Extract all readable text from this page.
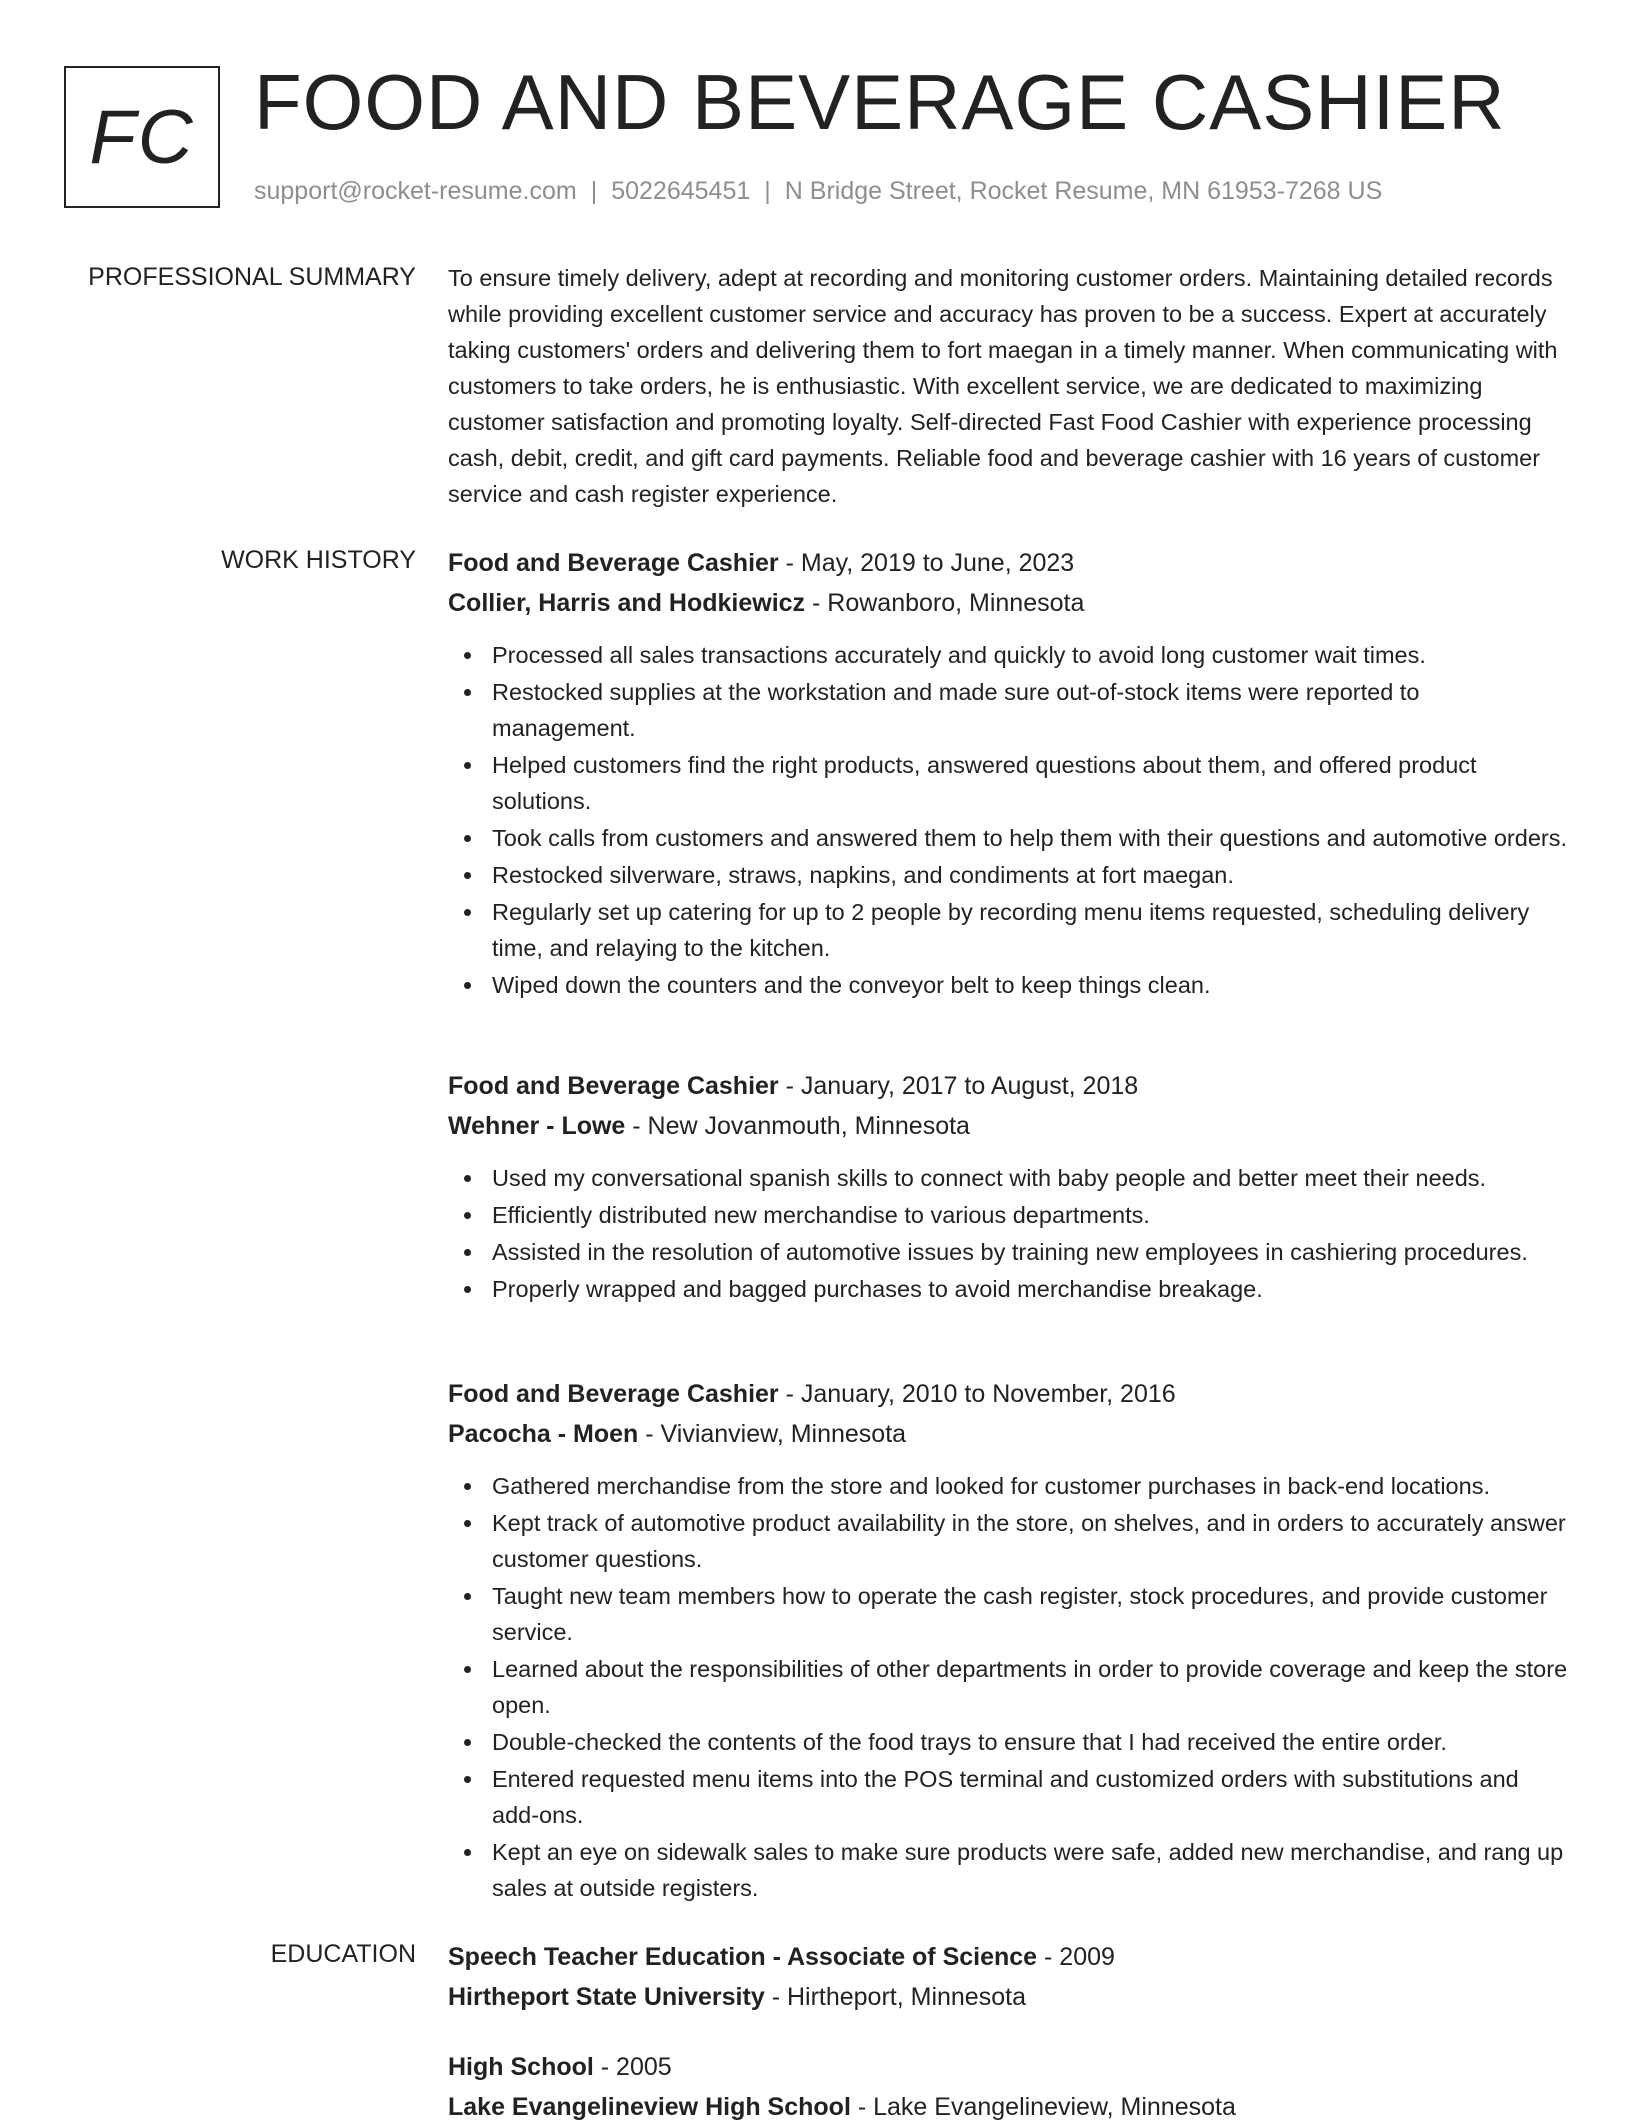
FC FOOD AND BEVERAGE CASHIER
support@rocket-resume.com | 5022645451 | N Bridge Street, Rocket Resume, MN 61953-7268 US
PROFESSIONAL SUMMARY To ensure timely delivery, adept at recording and monitoring customer orders. Maintaining detailed records while providing excellent customer service and accuracy has proven to be a success. Expert at accurately taking customers' orders and delivering them to fort maegan in a timely manner. When communicating with customers to take orders, he is enthusiastic. With excellent service, we are dedicated to maximizing customer satisfaction and promoting loyalty. Self-directed Fast Food Cashier with experience processing cash, debit, credit, and gift card payments. Reliable food and beverage cashier with 16 years of customer service and cash register experience.

WORK HISTORY Food and Beverage Cashier - May, 2019 to June, 2023

Collier, Harris and Hodkiewicz - Rowanboro, Minnesota

Processed all sales transactions accurately and quickly to avoid long customer wait times.
Restocked supplies at the workstation and made sure out-of-stock items were reported to management.
Helped customers find the right products, answered questions about them, and offered product solutions.
Took calls from customers and answered them to help them with their questions and automotive orders.
Restocked silverware, straws, napkins, and condiments at fort maegan.
Regularly set up catering for up to 2 people by recording menu items requested, scheduling delivery time, and relaying to the kitchen.
Wiped down the counters and the conveyor belt to keep things clean.

Food and Beverage Cashier - January, 2017 to August, 2018

Wehner - Lowe - New Jovanmouth, Minnesota

Used my conversational spanish skills to connect with baby people and better meet their needs.
Efficiently distributed new merchandise to various departments.
Assisted in the resolution of automotive issues by training new employees in cashiering procedures.
Properly wrapped and bagged purchases to avoid merchandise breakage.

Food and Beverage Cashier - January, 2010 to November, 2016

Pacocha - Moen - Vivianview, Minnesota

Gathered merchandise from the store and looked for customer purchases in back-end locations.
Kept track of automotive product availability in the store, on shelves, and in orders to accurately answer customer questions.
Taught new team members how to operate the cash register, stock procedures, and provide customer service.
Learned about the responsibilities of other departments in order to provide coverage and keep the store open.
Double-checked the contents of the food trays to ensure that I had received the entire order.
Entered requested menu items into the POS terminal and customized orders with substitutions and add-ons.
Kept an eye on sidewalk sales to make sure products were safe, added new merchandise, and rang up sales at outside registers.
EDUCATION Speech Teacher Education - Associate of Science - 2009

Hirtheport State University - Hirtheport, Minnesota

High School - 2005

Lake Evangelineview High School - Lake Evangelineview, Minnesota
